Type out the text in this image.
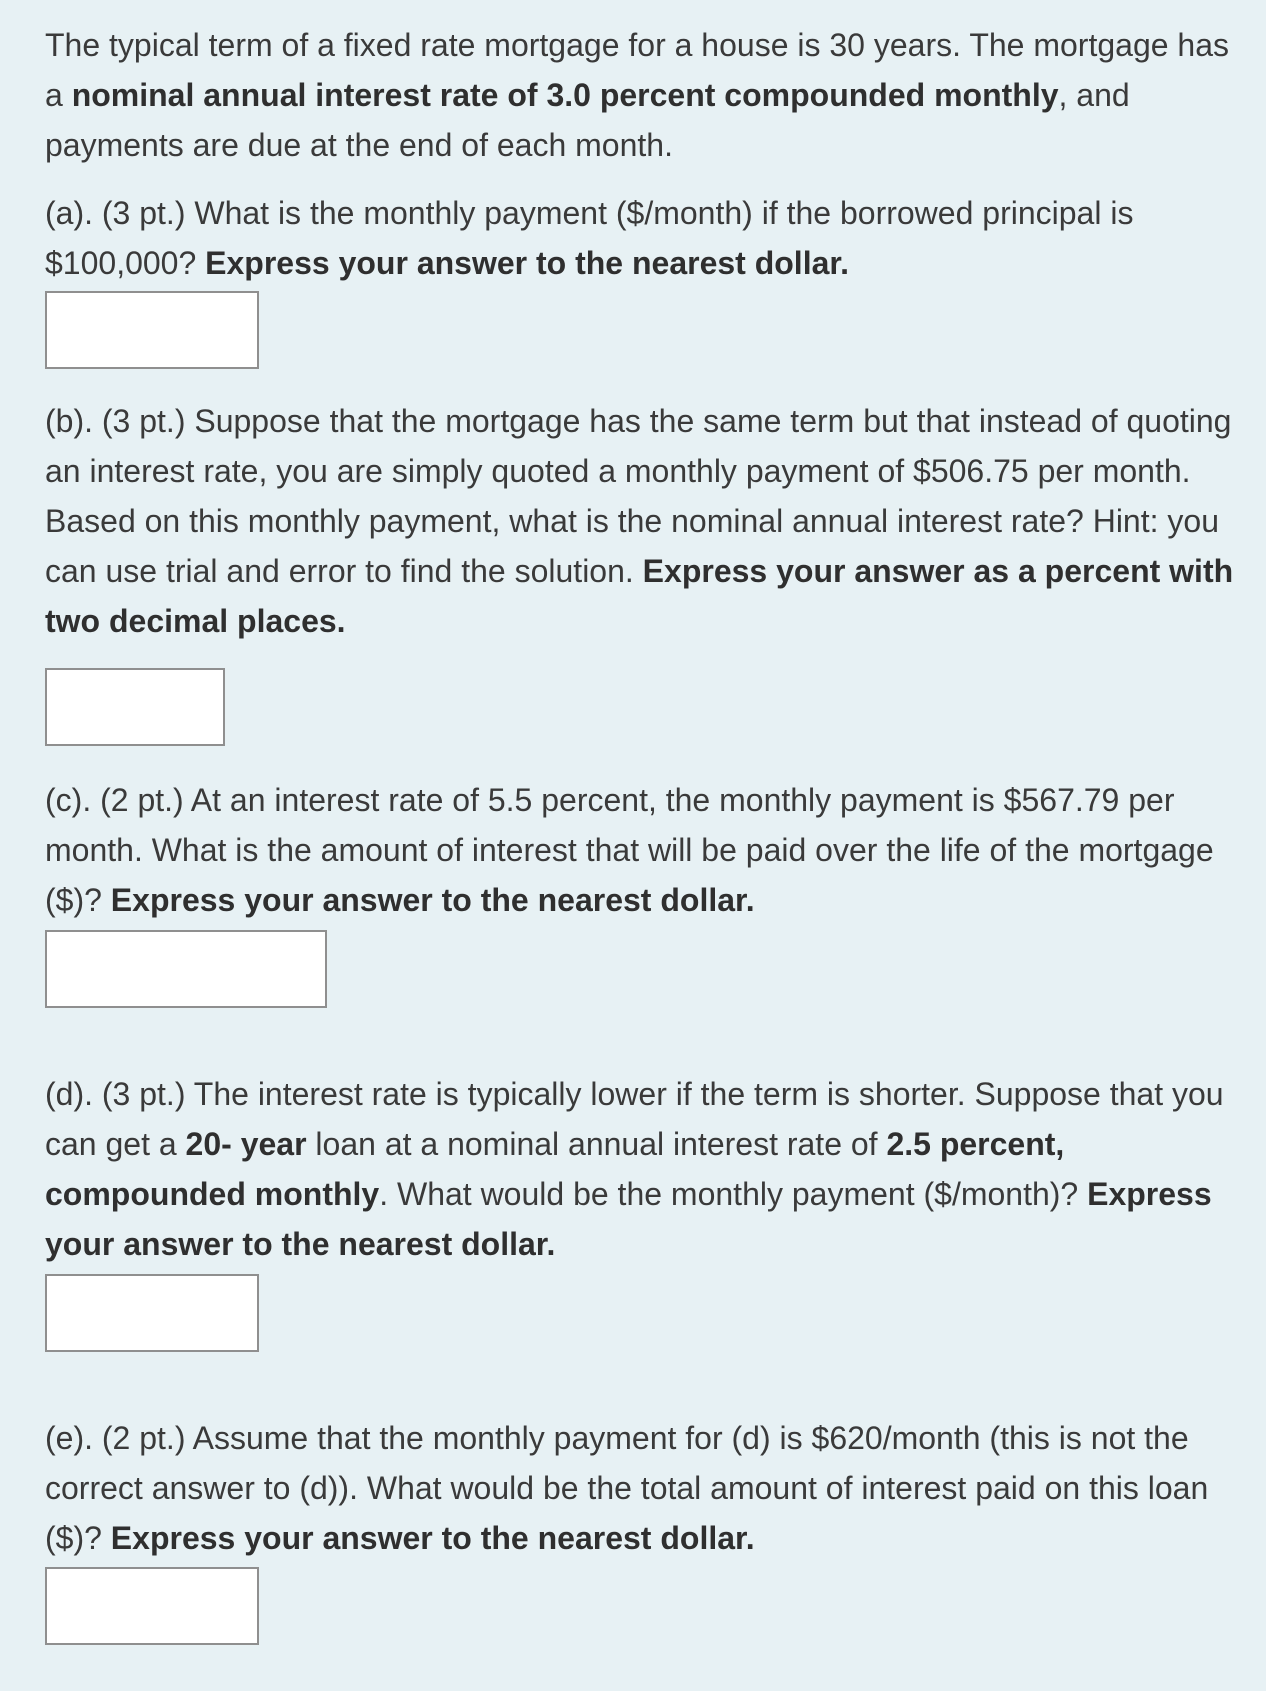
The typical term of a fixed rate mortgage for a house is 30 years. The mortgage has a nominal annual interest rate of 3.0 percent compounded monthly, and payments are due at the end of each month.

(a). (3 pt.) What is the monthly payment ($/month) if the borrowed principal is $100,000? Express your answer to the nearest dollar.

(b). (3 pt.) Suppose that the mortgage has the same term but that instead of quoting an interest rate, you are simply quoted a monthly payment of $506.75 per month. Based on this monthly payment, what is the nominal annual interest rate? Hint: you can use trial and error to find the solution. Express your answer as a percent with two decimal places.

(c). (2 pt.) At an interest rate of 5.5 percent, the monthly payment is $567.79 per month. What is the amount of interest that will be paid over the life of the mortgage ($)? Express your answer to the nearest dollar.

(d). (3 pt.) The interest rate is typically lower if the term is shorter. Suppose that you can get a 20- year loan at a nominal annual interest rate of 2.5 percent, compounded monthly. What would be the monthly payment ($/month)? Express your answer to the nearest dollar.

(e). (2 pt.) Assume that the monthly payment for (d) is $620/month (this is not the correct answer to (d)). What would be the total amount of interest paid on this loan ($)? Express your answer to the nearest dollar.
